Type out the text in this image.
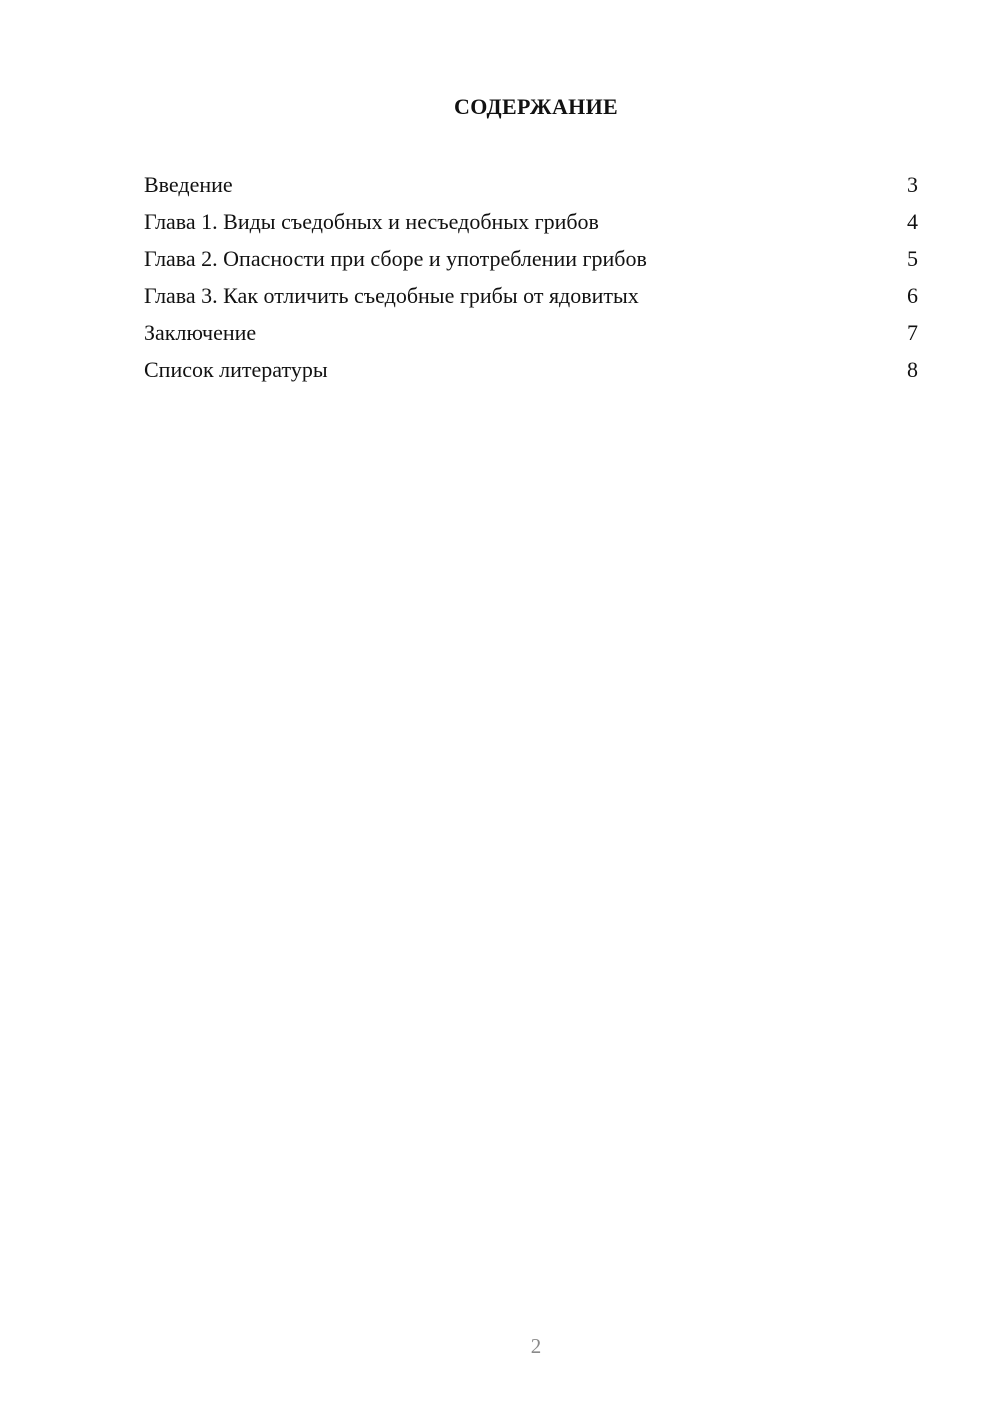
СОДЕРЖАНИЕ
Введение	3
Глава 1. Виды съедобных и несъедобных грибов	4
Глава 2. Опасности при сборе и употреблении грибов	5
Глава 3. Как отличить съедобные грибы от ядовитых	6
Заключение	7
Список литературы	8
2
